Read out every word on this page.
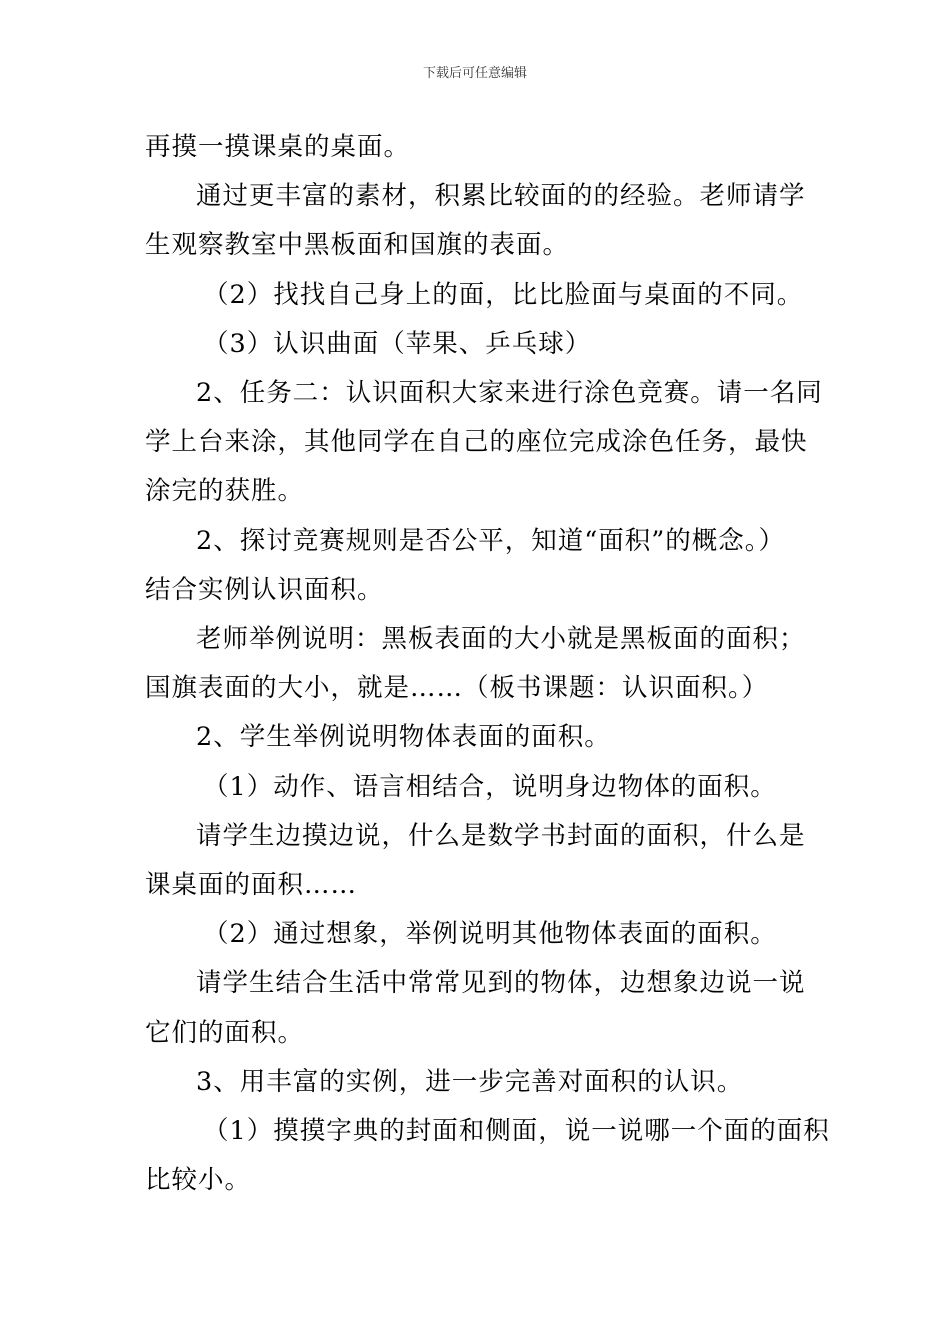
下载后可任意编辑

再摸一摸课桌的桌面。

通过更丰富的素材，积累比较面的的经验。老师请学
生观察教室中黑板面和国旗的表面。

（2）找找自己身上的面，比比脸面与桌面的不同。

（3）认识曲面（苹果、乒乓球）

2、任务二：认识面积大家来进行涂色竞赛。请一名同
学上台来涂，其他同学在自己的座位完成涂色任务，最快
涂完的获胜。

2、探讨竞赛规则是否公平，知道“面积”的概念。）
结合实例认识面积。

老师举例说明：黑板表面的大小就是黑板面的面积；
国旗表面的大小，就是……（板书课题：认识面积。）

2、学生举例说明物体表面的面积。

（1）动作、语言相结合，说明身边物体的面积。

请学生边摸边说，什么是数学书封面的面积，什么是
课桌面的面积……

（2）通过想象，举例说明其他物体表面的面积。

请学生结合生活中常常见到的物体，边想象边说一说
它们的面积。

3、用丰富的实例，进一步完善对面积的认识。

（1）摸摸字典的封面和侧面，说一说哪一个面的面积
比较小。
